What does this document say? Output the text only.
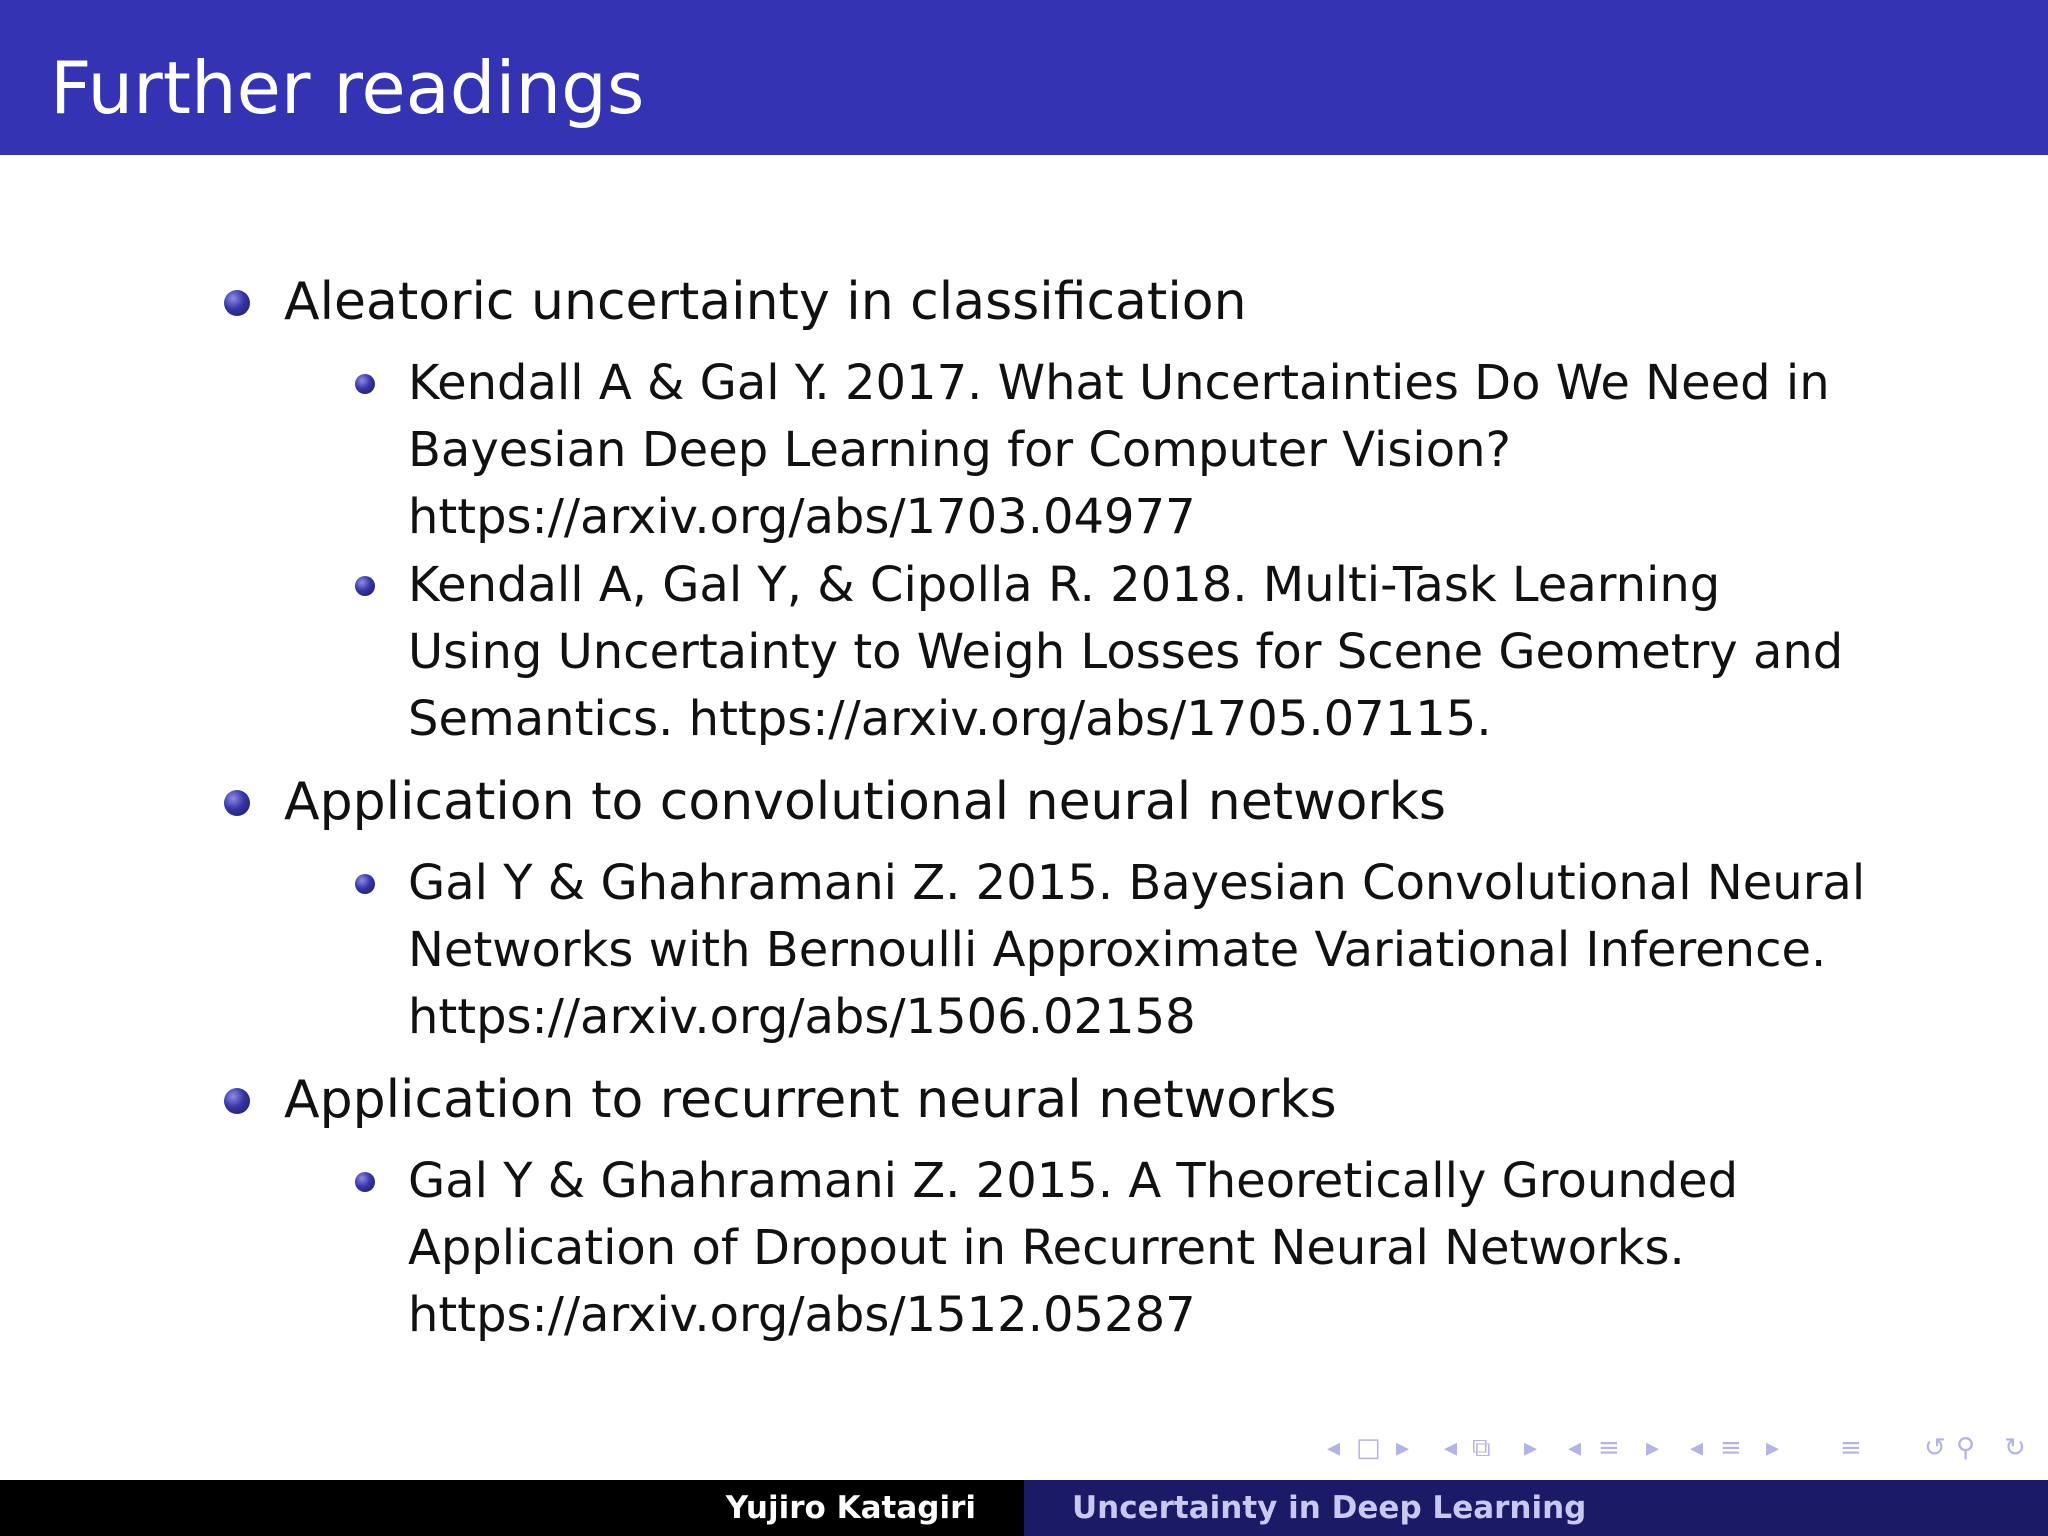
Further readings
Aleatoric uncertainty in classification
Kendall A & Gal Y. 2017. What Uncertainties Do We Need in
Bayesian Deep Learning for Computer Vision?
https://arxiv.org/abs/1703.04977
Kendall A, Gal Y, & Cipolla R. 2018. Multi-Task Learning
Using Uncertainty to Weigh Losses for Scene Geometry and
Semantics. https://arxiv.org/abs/1705.07115.
Application to convolutional neural networks
Gal Y & Ghahramani Z. 2015. Bayesian Convolutional Neural
Networks with Bernoulli Approximate Variational Inference.
https://arxiv.org/abs/1506.02158
Application to recurrent neural networks
Gal Y & Ghahramani Z. 2015. A Theoretically Grounded
Application of Dropout in Recurrent Neural Networks.
https://arxiv.org/abs/1512.05287
◂ □ ▸ ◂ ⧉ ▸ ◂ ≡ ▸ ◂ ≡ ▸ ≡ ↺ ⚲ ↻
Yujiro Katagiri	Uncertainty in Deep Learning
